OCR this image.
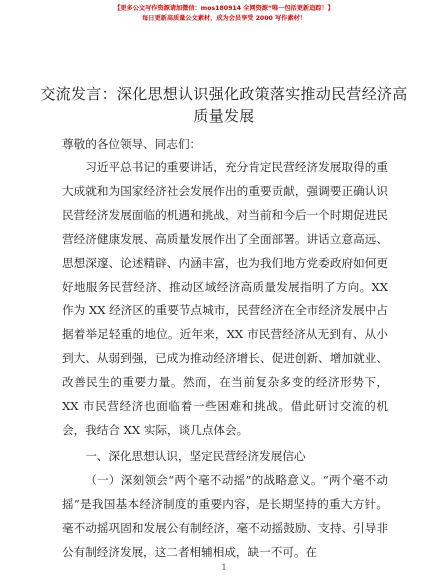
【更多公文写作资源请加微信：mos180914 全网资源“唯一包括更新追踪！】
每日更新高质量公文素材，成为会员享受 2000 写作素材！
交流发言：深化思想认识强化政策落实推动民营经济高质量发展
尊敬的各位领导、同志们：

习近平总书记的重要讲话，充分肯定民营经济发展取得的重大成就和为国家经济社会发展作出的重要贡献，强调要正确认识民营经济发展面临的机遇和挑战，对当前和今后一个时期促进民营经济健康发展、高质量发展作出了全面部署。讲话立意高远、思想深邃、论述精辟、内涵丰富，也为我们地方党委政府如何更好地服务民营经济、推动区域经济高质量发展指明了方向。XX 作为 XX 经济区的重要节点城市，民营经济在全市经济发展中占据着举足轻重的地位。近年来，XX 市民营经济从无到有、从小到大、从弱到强，已成为推动经济增长、促进创新、增加就业、改善民生的重要力量。然而，在当前复杂多变的经济形势下，XX 市民营经济也面临着一些困难和挑战。借此研讨交流的机会，我结合 XX 实际，谈几点体会。

一、深化思想认识，坚定民营经济发展信心

（一）深刻领会“两个毫不动摇”的战略意义。“两个毫不动摇”是我国基本经济制度的重要内容，是长期坚持的重大方针。毫不动摇巩固和发展公有制经济，毫不动摇鼓励、支持、引导非公有制经济发展，这二者相辅相成，缺一不可。在

1
